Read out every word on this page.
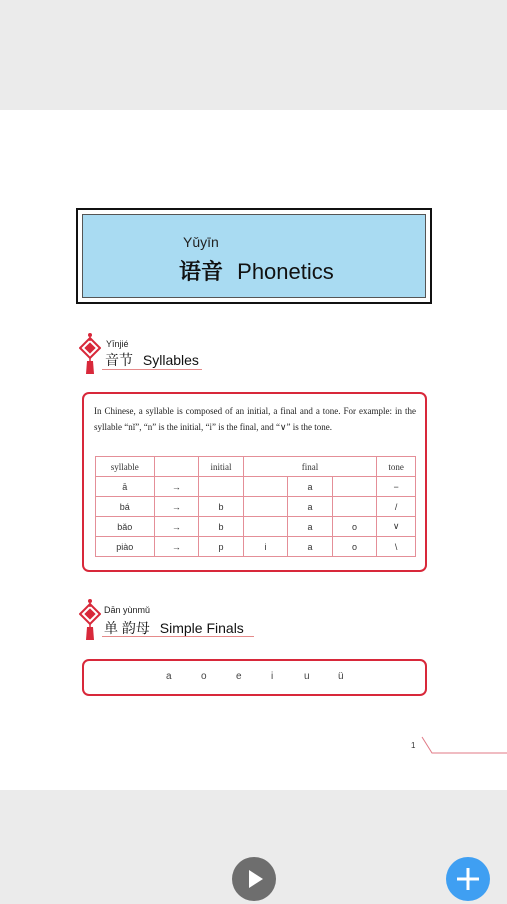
Yǔyīn
语音 Phonetics
Yīnjié
音节 Syllables
In Chinese, a syllable is composed of an initial, a final and a tone. For example: in the syllable “nǐ”, “n” is the initial, “i” is the final, and “∨” is the tone.
syllable		initial	final			tone
ā	→			a		−
bá	→	b		a		/
bǎo	→	b		a	o	∨
piào	→	p	i	a	o	\
Dān yùnmǔ
单 韵母 Simple Finals
a	o	e	i	u	ü
1
